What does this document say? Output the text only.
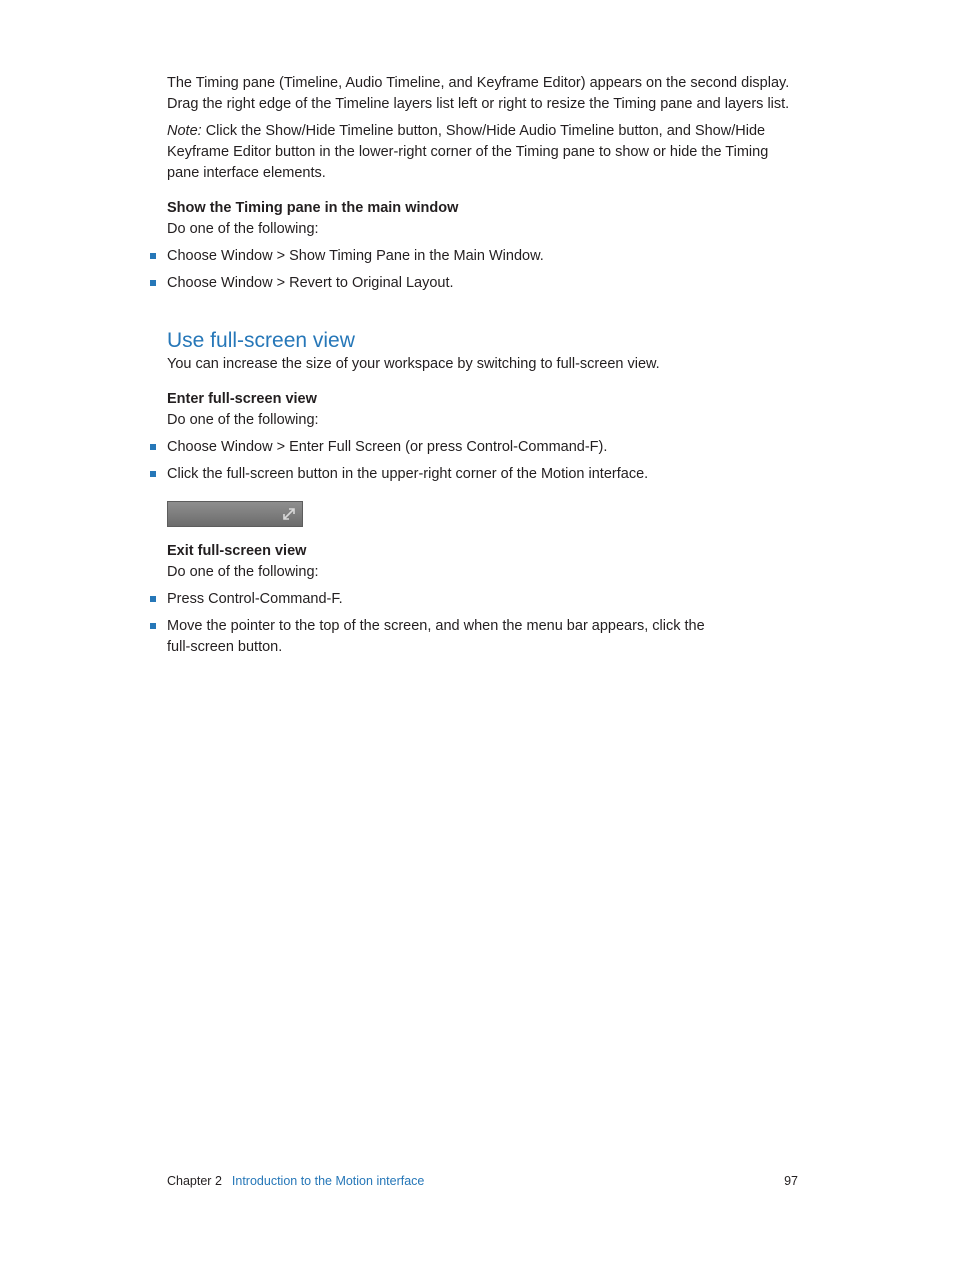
The Timing pane (Timeline, Audio Timeline, and Keyframe Editor) appears on the second display. Drag the right edge of the Timeline layers list left or right to resize the Timing pane and layers list.

Note: Click the Show/Hide Timeline button, Show/Hide Audio Timeline button, and Show/Hide Keyframe Editor button in the lower-right corner of the Timing pane to show or hide the Timing pane interface elements.

Show the Timing pane in the main window

Do one of the following:

Choose Window > Show Timing Pane in the Main Window.
Choose Window > Revert to Original Layout.
Use full-screen view

You can increase the size of your workspace by switching to full-screen view.

Enter full-screen view

Do one of the following:

Choose Window > Enter Full Screen (or press Control-Command-F).
Click the full-screen button in the upper-right corner of the Motion interface.

Exit full-screen view

Do one of the following:

Press Control-Command-F.
Move the pointer to the top of the screen, and when the menu bar appears, click the full-screen button.
Chapter 2 Introduction to the Motion interface	97
